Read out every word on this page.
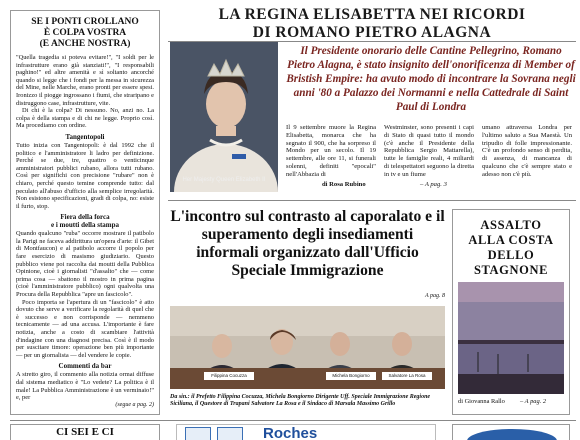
SE I PONTI CROLLANO
È COLPA VOSTRA
(E ANCHE NOSTRA)

"Quella tragedia si poteva evitare!", "I soldi per le infrastrutture erano già stanziati!", "I responsabili paghino!" ed altre amenità e sì soltanto ancorché quando si legge che i fondi per la messa in sicurezza del Mine, nelle Marche, erano pronti per essere spesi. Ironizzo il piogge ingrossano i fiumi, che straripano e distruggono case, infrastrutture, vite.

Di chi è la colpa? Di nessuno. No, anzi no. La colpa è della stampa e di chi ne legge. Proprio così. Ma procediamo con ordine.

Tangentopoli

Tutto inizia con Tangentopoli: è dal 1992 che il politico e l'amministratore li ladro per definizione. Perché se due, tre, quattro o venticinque amministratori pubblici rubano, allora tutti rubano. Così per significhi con precisione "rubare" non è chiaro, perché questo temine comprende tutto: dal peculato all'abuso d'ufficio alla semplice irregolarità. Non esistono specificazioni, gradi di colpa, no: esiste il furto, stop.

Fiera della forca
e i moutti della stampa

Quando qualcuno "ruba" occorre mostrare il patibolo la Parigi ne faceva addirittura un'opera d'arte: il Gibet di Montfaucon) e al patibolo accorre il popolo per fare esercizio di masismo giudiziario. Questo pubblico viene poi raccolta dai moutti della Pubblica Opinione, cioè i giornalisti "d'assalto" che — come prima cosa — sbattono il mostro in prima pagina (cioè l'amministratore pubblico) ogni qualvolta una Procura della Repubblica "apre un fascicolo".

Poco importa se l'apertura di un "fascicolo" è atto dovuto che serve a verificare la regolarità di quel che è successo e non corrisponde — nemmeno tecnicamente — ad una accusa. L'importante è fare notizia, anche a costo di scambiare l'attività d'indagine con una diagnosi precisa. Così è il modo per suscitare timore: operazione ben più importante — per un giornalista — del vendere le copie.

Commenti da bar

A stretto giro, il commento alla notizia ormai diffuse dal sistema mediatico è "Lo vedete? La politica è il male! La Pubblica Amministrazione è un verminaio!" e, per

(segue a pag. 2)
LA REGINA ELISABETTA NEI RICORDI
DI ROMANO PIETRO ALAGNA
Her Majesty Queen Elizabeth II
Il Presidente onorario delle Cantine Pellegrino, Romano Pietro Alagna, è stato insignito dell'onorificenza di Member of Bristish Empire: ha avuto modo di incontrare la Sovrana negli anni '80 a Palazzo dei Normanni e nella Cattedrale di Saint Paul di Londra
Il 9 settembre muore la Regina Elisabetta, monarca che ha segnato il 900, che ha sorpreso il Mondo per un secolo. Il 19 settembre, alle ore 11, si funerali solenni, definiti "epocali" nell'Abbazia di
Westminster, sono presenti i capi di Stato di quasi tutto il mondo (c'è anche il Presidente della Repubblica Sergio Mattarella), tutte le famiglie reali, 4 miliardi di telespettatori seguono la diretta in tv e un fiume
umano attraversa Londra per l'ultimo saluto a Sua Maestà. Un tripudio di folle impressionante. C'è un profondo senso di perdita, di assenza, di mancanza di qualcuno che c'è sempre stato e adesso non c'è più.
di Rosa Rubino	– A pag. 3
L'incontro sul contrasto al caporalato e il superamento degli insediamenti informali organizzato dall'Ufficio Speciale Immigrazione
A pag. 8
Filippina Cocuzza	Michela Bongiorno	Salvatore La Rosa
Da sin.: il Prefetto Filippina Cocuzza, Michela Bongiorno Dirigente Uff. Speciale Immigrazione Regione Siciliana, il Questore di Trapani Salvatore La Rosa e il Sindaco di Marsala Massimo Grillo
ASSALTO
ALLA COSTA
DELLO
STAGNONE
di Giovanna Rallo – A pag. 2
CI SEI E CI	Roches
